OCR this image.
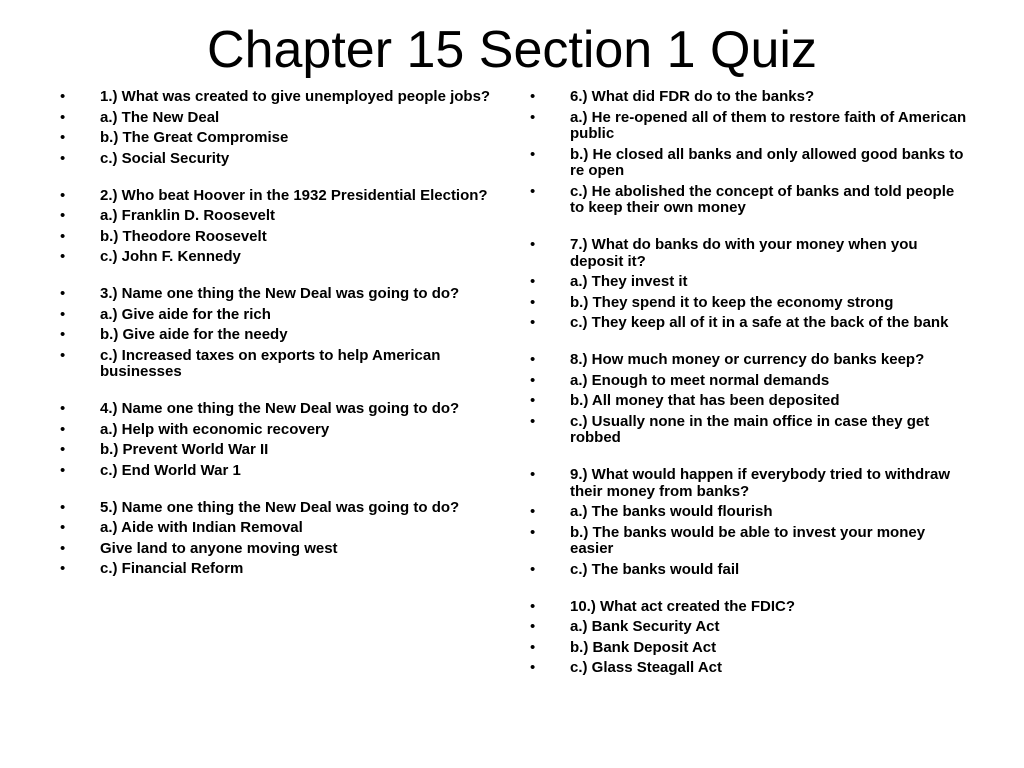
Chapter 15 Section 1 Quiz
•	1.) What was created to give unemployed people jobs?
•	a.) The New Deal
•	b.) The Great Compromise
•	c.) Social Security
•	2.) Who beat Hoover in the 1932 Presidential Election?
•	a.) Franklin D. Roosevelt
•	b.) Theodore Roosevelt
•	c.) John F. Kennedy
•	3.) Name one thing the New Deal was going to do?
•	a.) Give aide for the rich
•	b.) Give aide for the needy
•	c.) Increased taxes on exports to help American businesses
•	4.) Name one thing the New Deal was going to do?
•	a.) Help with economic recovery
•	b.) Prevent World War II
•	c.) End World War 1
•	5.) Name one thing the New Deal was going to do?
•	a.) Aide with Indian Removal
•	Give land to anyone moving west
•	c.) Financial Reform
•	6.) What did FDR do to the banks?
•	a.) He re-opened all of them to restore faith of American public
•	b.) He closed all banks and only allowed good banks to re open
•	c.) He abolished the concept of banks and told people to keep their own money
•	7.) What do banks do with your money when you deposit it?
•	a.) They invest it
•	b.) They spend it to keep the economy strong
•	c.) They keep all of it in a safe at the back of the bank
•	8.) How much money or currency do banks keep?
•	a.) Enough to meet normal demands
•	b.) All money that has been deposited
•	c.) Usually none in the main office in case they get robbed
•	9.) What would happen if everybody tried to withdraw their money from banks?
•	a.) The banks would flourish
•	b.) The banks would be able to invest your money easier
•	c.) The banks would fail
•	10.) What act created the FDIC?
•	a.) Bank Security Act
•	b.) Bank Deposit Act
•	c.) Glass Steagall Act
